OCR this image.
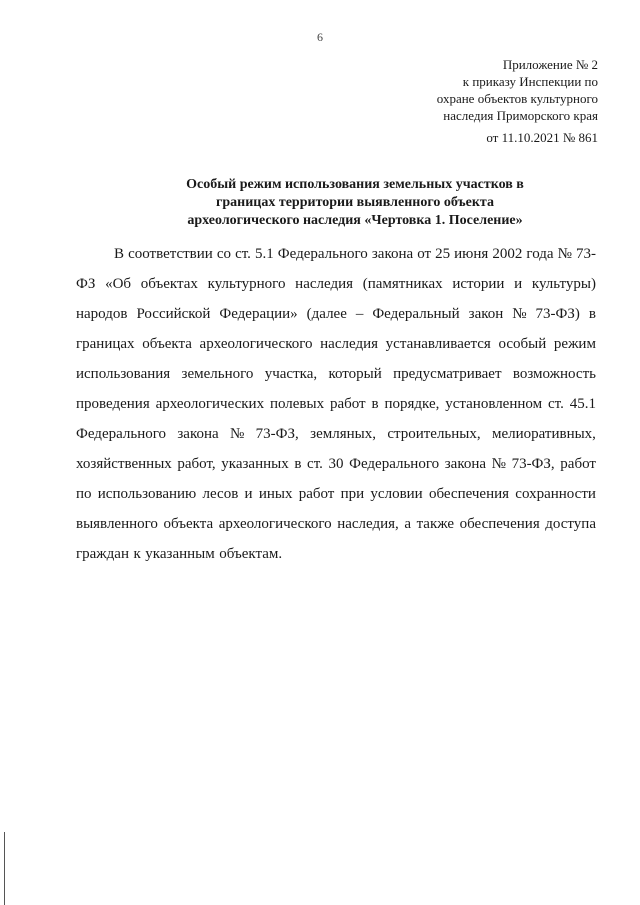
6
Приложение № 2
к приказу Инспекции по
охране объектов культурного
наследия Приморского края
от 11.10.2021 № 861
Особый режим использования земельных участков в
границах территории выявленного объекта
археологического наследия «Чертовка 1. Поселение»
В соответствии со ст. 5.1 Федерального закона от 25 июня 2002 года № 73-
ФЗ «Об объектах культурного наследия (памятниках истории и культуры)
народов Российской Федерации» (далее – Федеральный закон № 73-ФЗ) в
границах объекта археологического наследия устанавливается особый режим
использования земельного участка, который предусматривает возможность
проведения археологических полевых работ в порядке, установленном ст. 45.1
Федерального закона № 73-ФЗ, земляных, строительных, мелиоративных,
хозяйственных работ, указанных в ст. 30 Федерального закона № 73-ФЗ, работ
по использованию лесов и иных работ при условии обеспечения сохранности
выявленного объекта археологического наследия, а также обеспечения доступа
граждан к указанным объектам.
